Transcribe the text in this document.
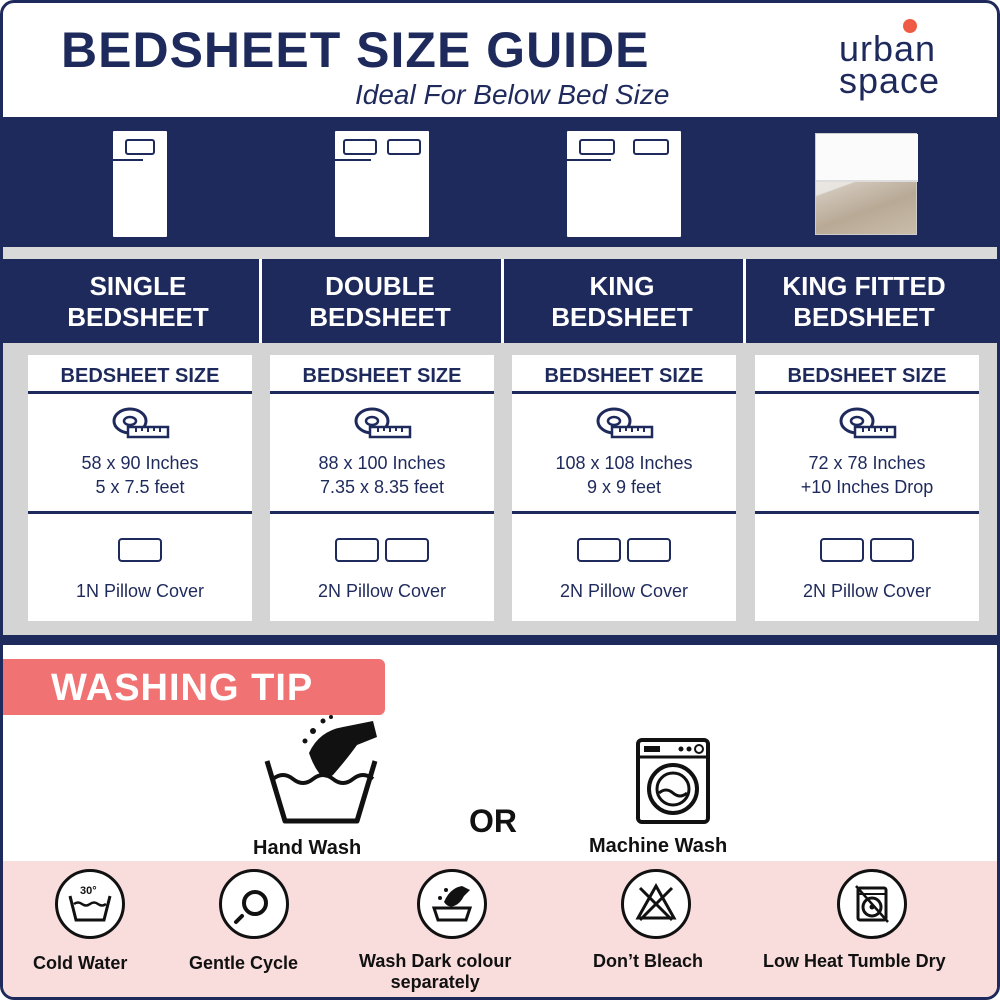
BEDSHEET SIZE GUIDE
Ideal For Below Bed Size
urban
space
SINGLE
BEDSHEET
DOUBLE
BEDSHEET
KING
BEDSHEET
KING FITTED
BEDSHEET
BEDSHEET SIZE
58 x 90 Inches
5 x 7.5 feet
1N Pillow Cover
BEDSHEET SIZE
88 x 100 Inches
7.35 x 8.35 feet
2N Pillow Cover
BEDSHEET SIZE
108 x 108 Inches
9 x 9 feet
2N Pillow Cover
BEDSHEET SIZE
72 x 78 Inches
+10 Inches Drop
2N Pillow Cover
WASHING TIP
Hand Wash
OR
Machine Wash
30°
Cold Water	Gentle Cycle	Wash Dark colour
separately
Don’t Bleach	Low Heat Tumble Dry
